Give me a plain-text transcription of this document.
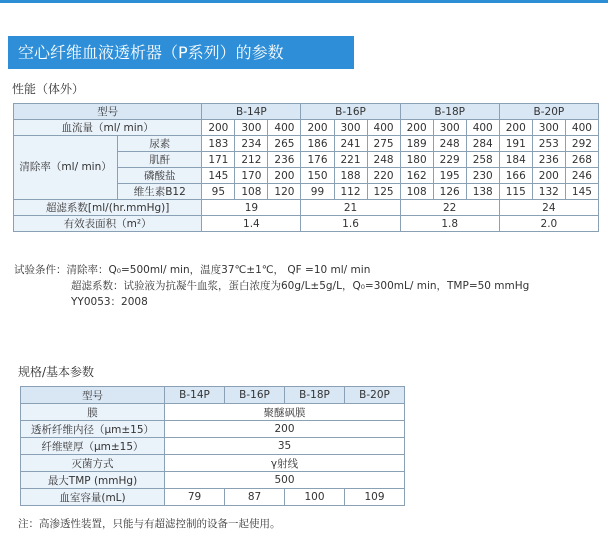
空心纤维血液透析器（P系列）的参数
性能（体外）
型号		B-14P			B-16P			B-18P			B-20P		
血流量（ml/ min）		200	300	400	200	300	400	200	300	400	200	300	400
清除率（ml/ min）	尿素	183	234	265	186	241	275	189	248	284	191	253	292
	肌酐	171	212	236	176	221	248	180	229	258	184	236	268
	磷酸盐	145	170	200	150	188	220	162	195	230	166	200	246
	维生素B12	95	108	120	99	112	125	108	126	138	115	132	145
超滤系数[ml/(hr.mmHg)]		19			21			22			24		
有效表面积（m²）		1.4			1.6			1.8			2.0		
试验条件：清除率：Q₀=500ml/ min，温度37℃±1℃， QF =10 ml/ min
超滤系数：试验液为抗凝牛血浆，蛋白浓度为60g/L±5g/L，Q₀=300mL/ min，TMP=50 mmHg
YY0053：2008
规格/基本参数
型号	B-14P	B-16P	B-18P	B-20P
膜	聚醚砜膜			
透析纤维内径（μm±15）	200			
纤维壁厚（μm±15）	35			
灭菌方式	γ射线			
最大TMP (mmHg)	500			
血室容量(mL)	79	87	100	109
注：高渗透性装置，只能与有超滤控制的设备一起使用。
